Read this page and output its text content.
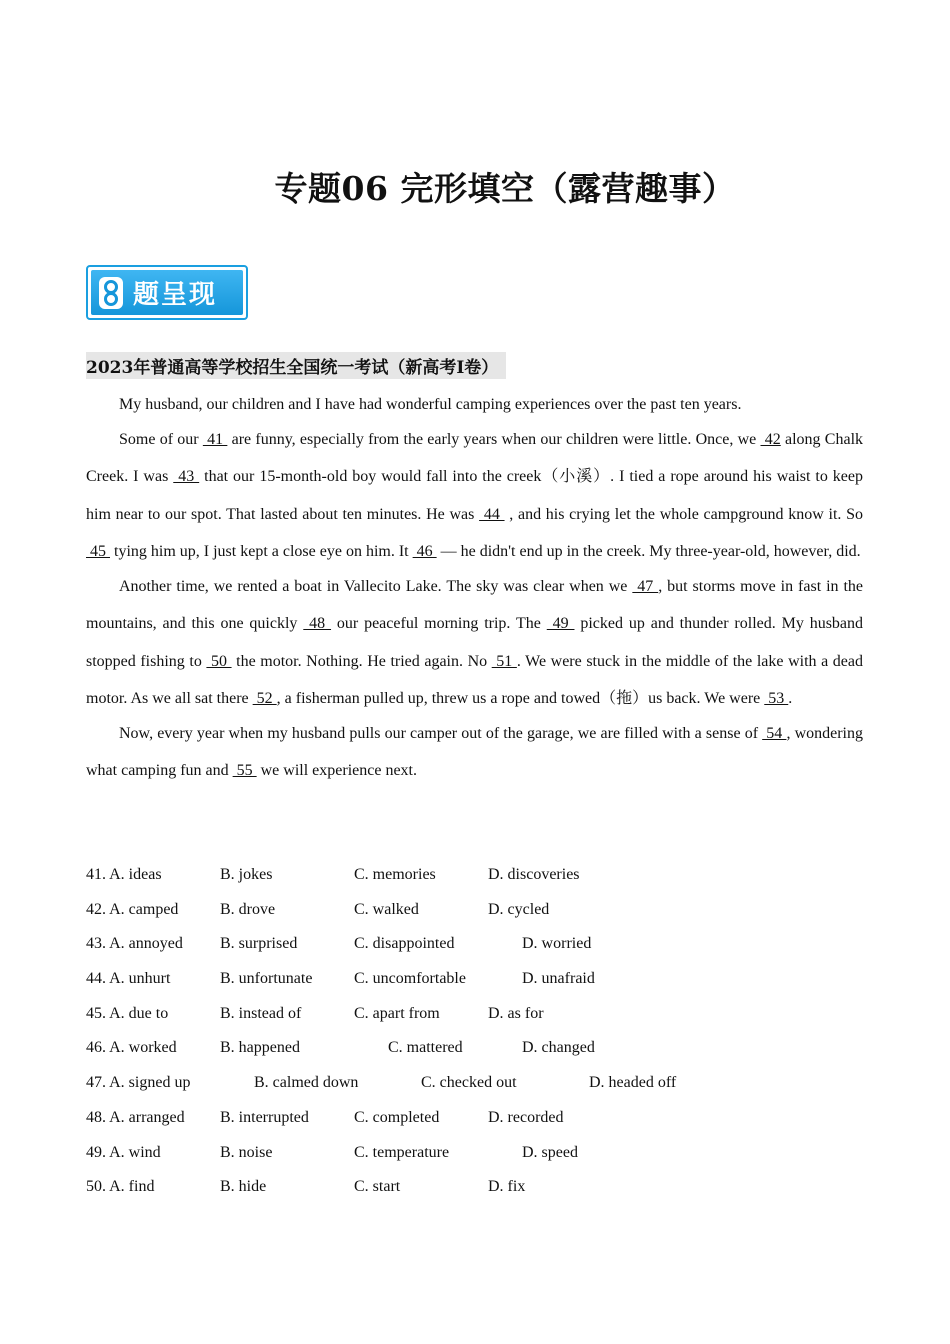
专题06 完形填空（露营趣事）
题呈现
2023年普通高等学校招生全国统一考试（新高考Ⅰ卷）

My husband, our children and I have had wonderful camping experiences over the past ten years.

Some of our  41  are funny, especially from the early years when our children were little. Once, we  42 along Chalk Creek. I was  43  that our 15-month-old boy would fall into the creek（小溪）. I tied a rope around his waist to keep him near to our spot. That lasted about ten minutes. He was  44  , and his crying let the whole campground know it. So  45  tying him up, I just kept a close eye on him. It  46  — he didn't end up in the creek. My three-year-old, however, did.

Another time, we rented a boat in Vallecito Lake. The sky was clear when we  47 , but storms move in fast in the mountains, and this one quickly  48  our peaceful morning trip. The  49  picked up and thunder rolled. My husband stopped fishing to  50  the motor. Nothing. He tried again. No  51 . We were stuck in the middle of the lake with a dead motor. As we all sat there  52 , a fisherman pulled up, threw us a rope and towed（拖）us back. We were  53 .

Now, every year when my husband pulls our camper out of the garage, we are filled with a sense of  54 , wondering what camping fun and  55  we will experience next.

41. A. ideas	B. jokes	C. memories	D. discoveries
42. A. camped	B. drove	C. walked	D. cycled
43. A. annoyed B. surprised	C. disappointed	D. worried
44. A. unhurt	B. unfortunate	C. uncomfortable	D. unafraid
45. A. due to	B. instead of	C. apart from	D. as for
46. A. worked	B. happened	C. mattered	D. changed
47. A. signed up	B. calmed down	C. checked out	D. headed off
48. A. arranged B. interrupted	C. completed	D. recorded
49. A. wind	B. noise	C. temperature	D. speed
50. A. find	B. hide	C. start	D. fix
